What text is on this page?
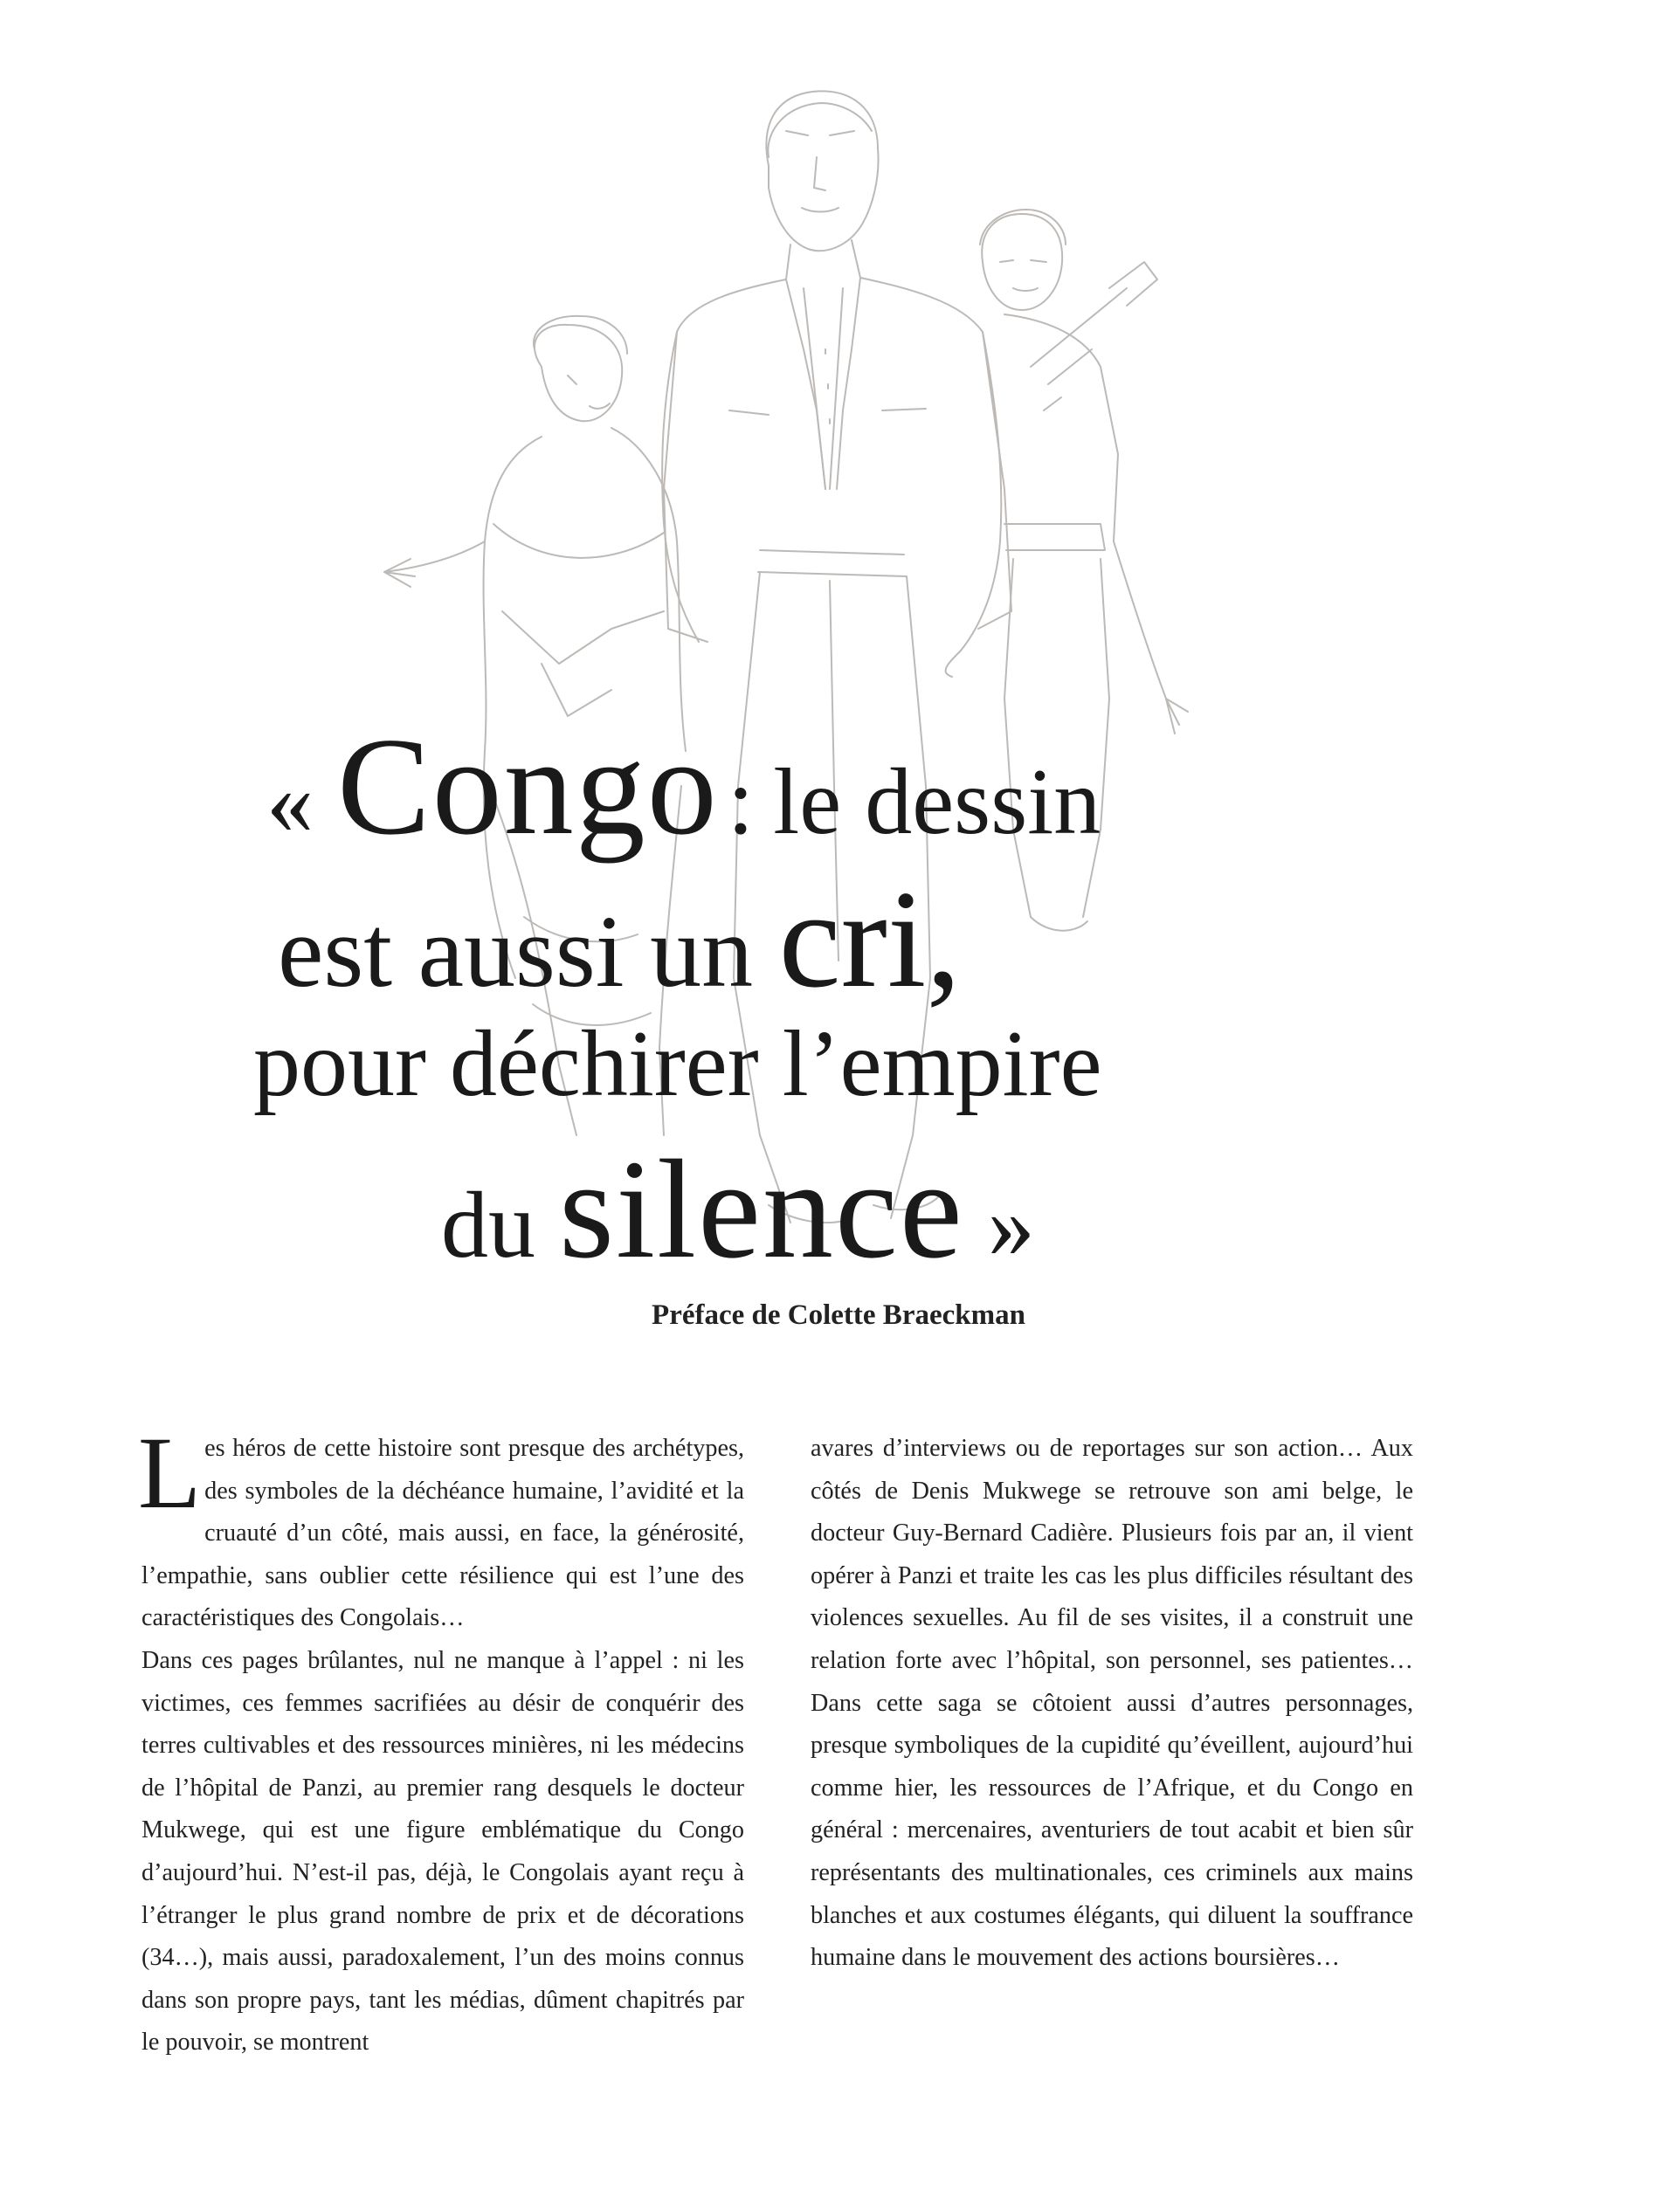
« Congo: le dessin
est aussi un cri,
pour déchirer l’empire
du silence »
Préface de Colette Braeckman

Les héros de cette histoire sont presque des archétypes, des symboles de la déchéance humaine, l’avidité et la cruauté d’un côté, mais aussi, en face, la générosité, l’empathie, sans oublier cette résilience qui est l’une des caractéristiques des Congolais…

Dans ces pages brûlantes, nul ne manque à l’appel : ni les victimes, ces femmes sacrifiées au désir de conquérir des terres cultivables et des ressources minières, ni les médecins de l’hôpital de Panzi, au premier rang desquels le docteur Mukwege, qui est une figure emblématique du Congo d’aujourd’hui. N’est-il pas, déjà, le Congolais ayant reçu à l’étranger le plus grand nombre de prix et de décorations (34…), mais aussi, paradoxalement, l’un des moins connus dans son propre pays, tant les médias, dûment chapitrés par le pouvoir, se montrent

avares d’interviews ou de reportages sur son action… Aux côtés de Denis Mukwege se retrouve son ami belge, le docteur Guy-Bernard Cadière. Plusieurs fois par an, il vient opérer à Panzi et traite les cas les plus difficiles résultant des violences sexuelles. Au fil de ses visites, il a construit une relation forte avec l’hôpital, son personnel, ses patientes… Dans cette saga se côtoient aussi d’autres personnages, presque symboliques de la cupidité qu’éveillent, aujourd’hui comme hier, les ressources de l’Afrique, et du Congo en général : mercenaires, aventuriers de tout acabit et bien sûr représentants des multinationales, ces criminels aux mains blanches et aux costumes élégants, qui diluent la souffrance humaine dans le mouvement des actions boursières…
